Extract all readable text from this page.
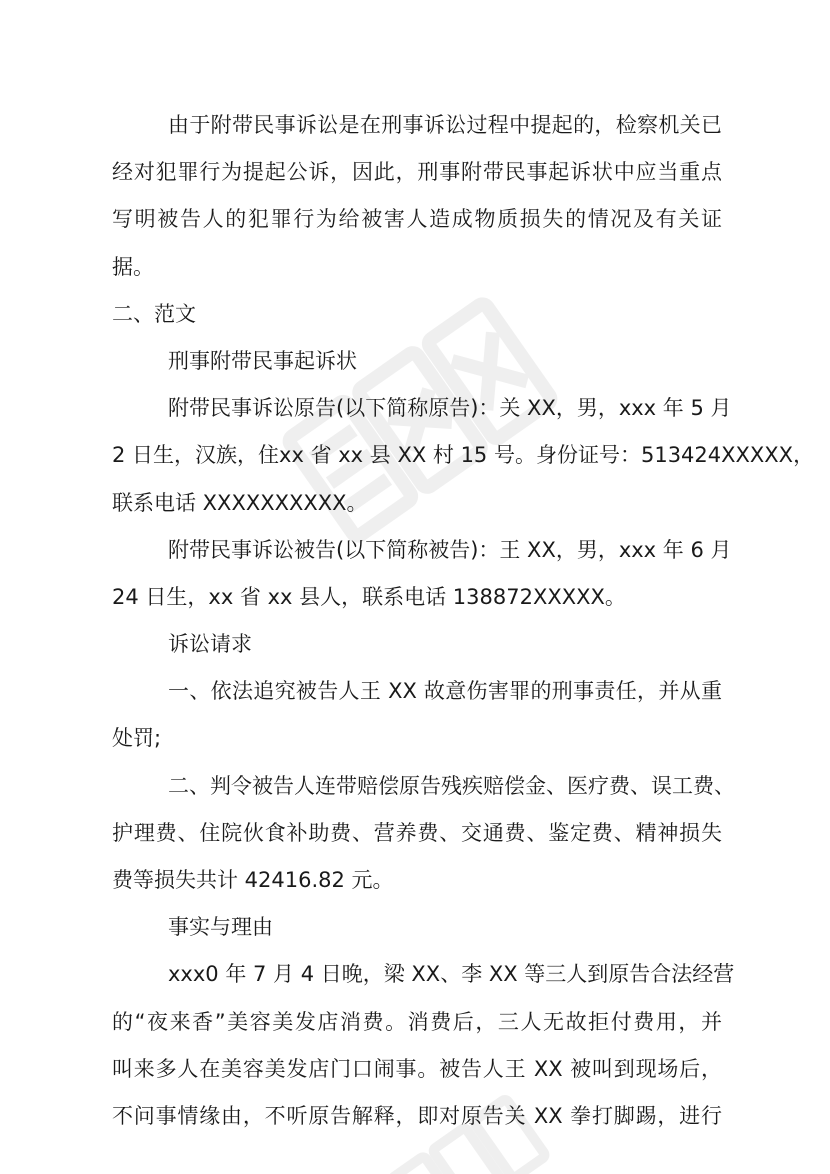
由于附带民事诉讼是在刑事诉讼过程中提起的，检察机关已
经对犯罪行为提起公诉，因此，刑事附带民事起诉状中应当重点
写明被告人的犯罪行为给被害人造成物质损失的情况及有关证
据。
二、范文
刑事附带民事起诉状
附带民事诉讼原告(以下简称原告)：关 XX，男，xxx 年 5 月
2 日生，汉族，住xx 省 xx 县 XX 村 15 号。身份证号：513424XXXXX，
联系电话 XXXXXXXXXX。
附带民事诉讼被告(以下简称被告)：王 XX，男，xxx 年 6 月
24 日生，xx 省 xx 县人，联系电话 138872XXXXX。
诉讼请求
一、依法追究被告人王 XX 故意伤害罪的刑事责任，并从重
处罚;
二、判令被告人连带赔偿原告残疾赔偿金、医疗费、误工费、
护理费、住院伙食补助费、营养费、交通费、鉴定费、精神损失
费等损失共计 42416.82 元。
事实与理由
xxx0 年 7 月 4 日晚，梁 XX、李 XX 等三人到原告合法经营
的“夜来香”美容美发店消费。消费后，三人无故拒付费用，并
叫来多人在美容美发店门口闹事。被告人王 XX 被叫到现场后，
不问事情缘由，不听原告解释，即对原告关 XX 拳打脚踢，进行
